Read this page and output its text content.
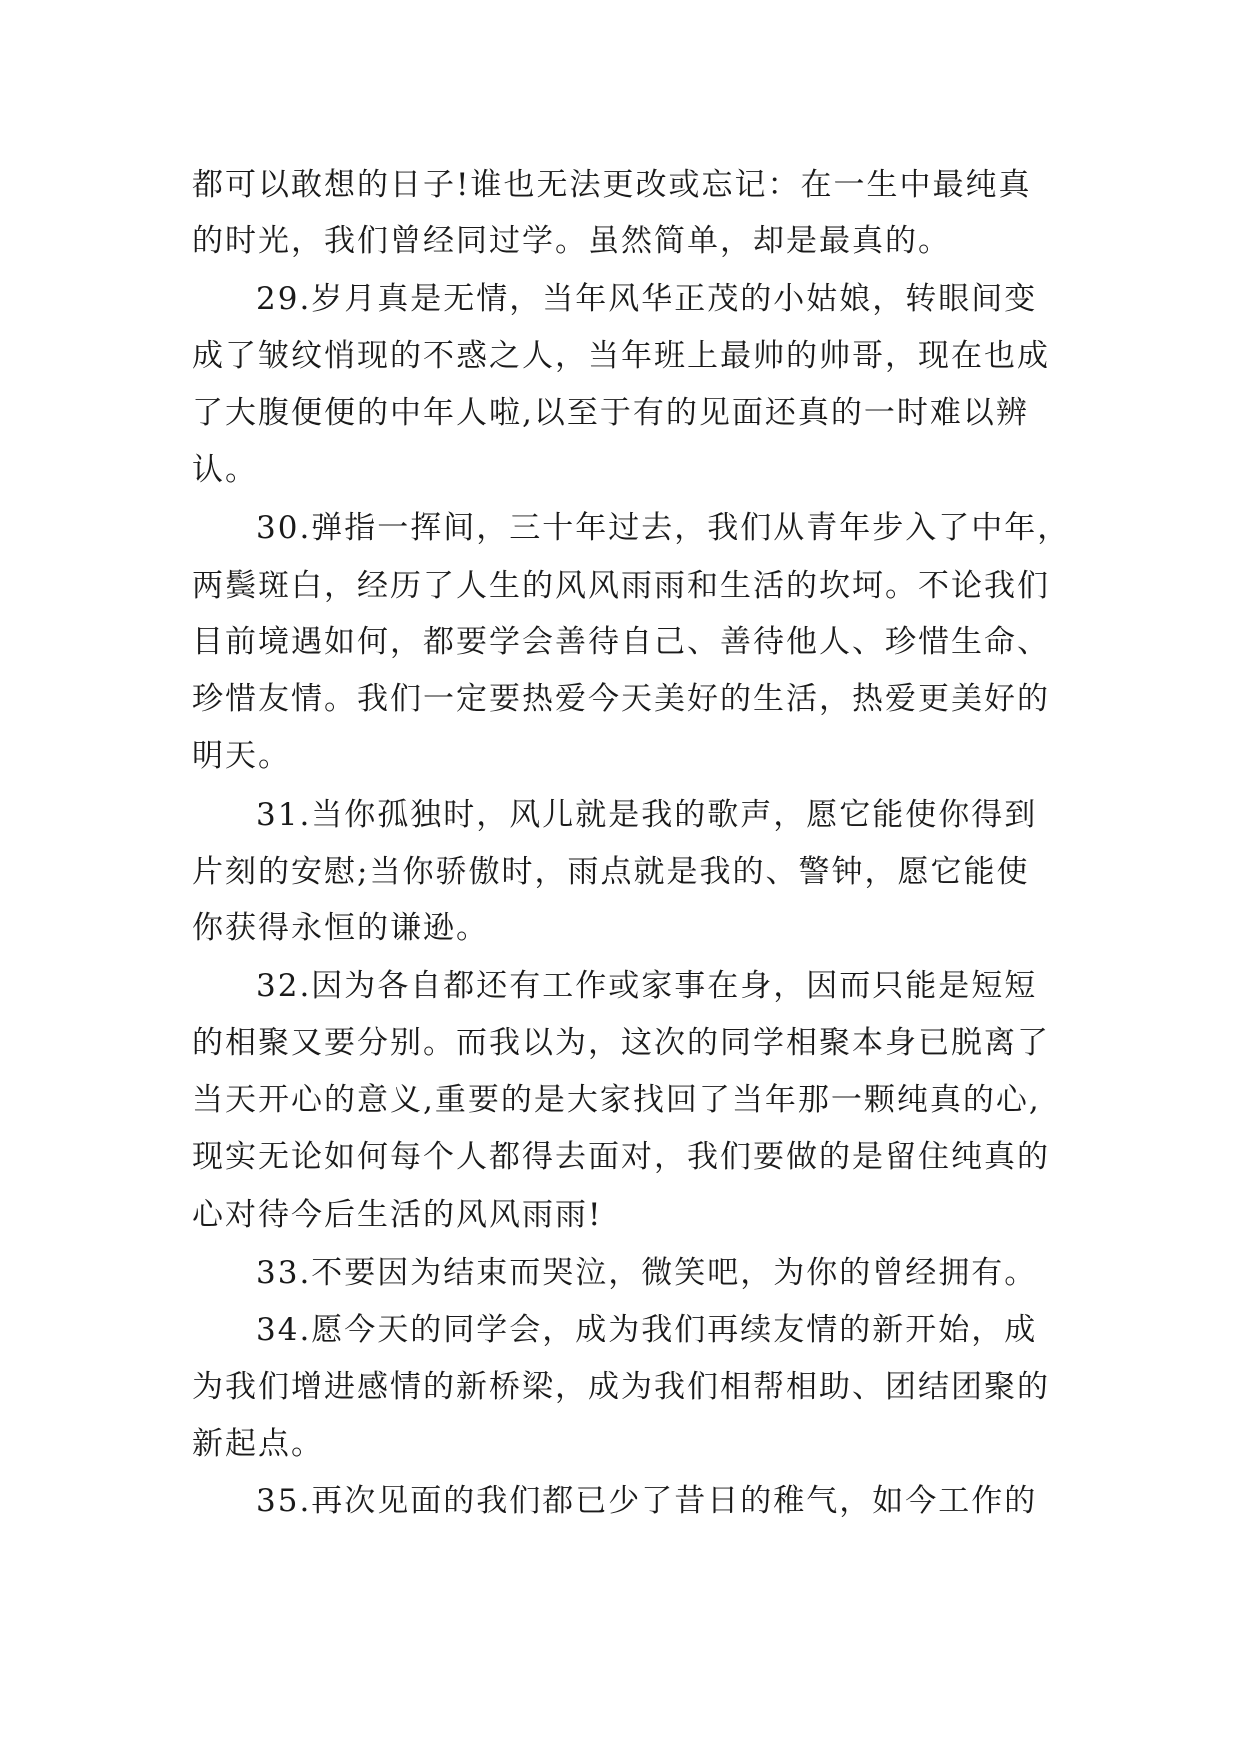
都可以敢想的日子!谁也无法更改或忘记：在一生中最纯真
的时光，我们曾经同过学。虽然简单，却是最真的。
29.岁月真是无情，当年风华正茂的小姑娘，转眼间变
成了皱纹悄现的不惑之人，当年班上最帅的帅哥，现在也成
了大腹便便的中年人啦,以至于有的见面还真的一时难以辨
认。
30.弹指一挥间，三十年过去，我们从青年步入了中年，
两鬓斑白，经历了人生的风风雨雨和生活的坎坷。不论我们
目前境遇如何，都要学会善待自己、善待他人、珍惜生命、
珍惜友情。我们一定要热爱今天美好的生活，热爱更美好的
明天。
31.当你孤独时，风儿就是我的歌声，愿它能使你得到
片刻的安慰;当你骄傲时，雨点就是我的、警钟，愿它能使
你获得永恒的谦逊。
32.因为各自都还有工作或家事在身，因而只能是短短
的相聚又要分别。而我以为，这次的同学相聚本身已脱离了
当天开心的意义,重要的是大家找回了当年那一颗纯真的心,
现实无论如何每个人都得去面对，我们要做的是留住纯真的
心对待今后生活的风风雨雨!
33.不要因为结束而哭泣，微笑吧，为你的曾经拥有。
34.愿今天的同学会，成为我们再续友情的新开始，成
为我们增进感情的新桥梁，成为我们相帮相助、团结团聚的
新起点。
35.再次见面的我们都已少了昔日的稚气，如今工作的
